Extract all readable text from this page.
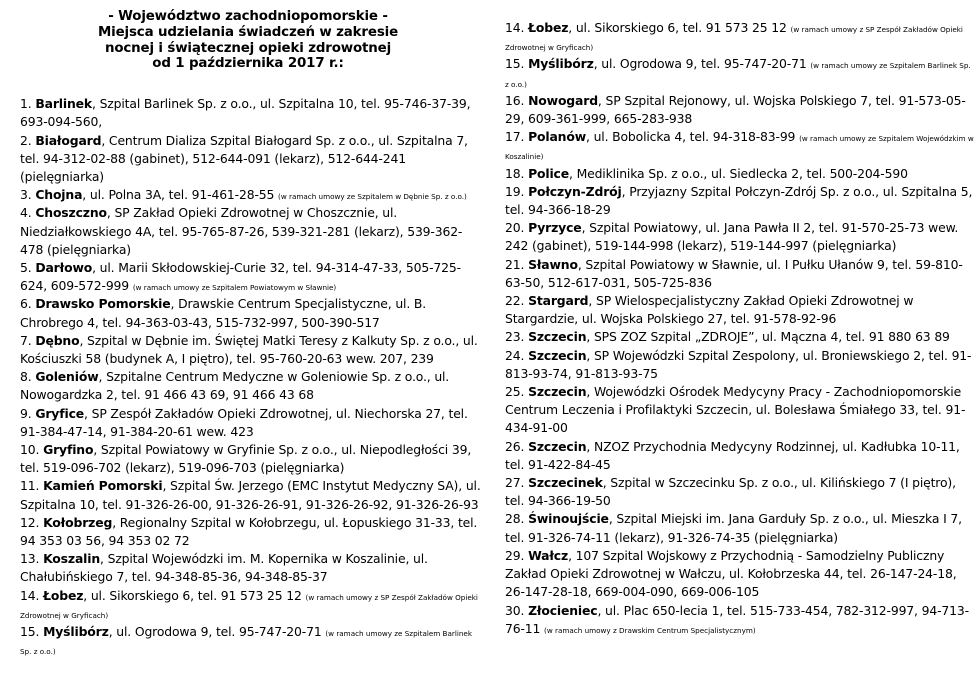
- Województwo zachodniopomorskie -
Miejsca udzielania świadczeń w zakresie
nocnej i świątecznej opieki zdrowotnej
od 1 października 2017 r.:

1. Barlinek, Szpital Barlinek Sp. z o.o., ul. Szpitalna 10, tel. 95-746-37-39, 693-094-560,

2. Białogard, Centrum Dializa Szpital Białogard Sp. z o.o., ul. Szpitalna 7, tel. 94-312-02-88 (gabinet), 512-644-091 (lekarz), 512-644-241 (pielęgniarka)

3. Chojna, ul. Polna 3A, tel. 91-461-28-55 (w ramach umowy ze Szpitalem w Dębnie Sp. z o.o.)

4. Choszczno, SP Zakład Opieki Zdrowotnej w Choszcznie, ul. Niedziałkowskiego 4A, tel. 95-765-87-26, 539-321-281 (lekarz), 539-362-478 (pielęgniarka)

5. Darłowo, ul. Marii Skłodowskiej-Curie 32, tel. 94-314-47-33, 505-725-624, 609-572-999 (w ramach umowy ze Szpitalem Powiatowym w Sławnie)

6. Drawsko Pomorskie, Drawskie Centrum Specjalistyczne, ul. B. Chrobrego 4, tel. 94-363-03-43, 515-732-997, 500-390-517

7. Dębno, Szpital w Dębnie im. Świętej Matki Teresy z Kalkuty Sp. z o.o., ul. Kościuszki 58 (budynek A, I piętro), tel. 95-760-20-63 wew. 207, 239

8. Goleniów, Szpitalne Centrum Medyczne w Goleniowie Sp. z o.o., ul. Nowogardzka 2, tel. 91 466 43 69, 91 466 43 68

9. Gryfice, SP Zespół Zakładów Opieki Zdrowotnej, ul. Niechorska 27, tel. 91-384-47-14, 91-384-20-61 wew. 423

10. Gryfino, Szpital Powiatowy w Gryfinie Sp. z o.o., ul. Niepodległości 39, tel. 519-096-702 (lekarz), 519-096-703 (pielęgniarka)

11. Kamień Pomorski, Szpital Św. Jerzego (EMC Instytut Medyczny SA), ul. Szpitalna 10, tel. 91-326-26-00, 91-326-26-91, 91-326-26-92, 91-326-26-93

12. Kołobrzeg, Regionalny Szpital w Kołobrzegu, ul. Łopuskiego 31-33, tel. 94 353 03 56, 94 353 02 72

13. Koszalin, Szpital Wojewódzki im. M. Kopernika w Koszalinie, ul. Chałubińskiego 7, tel. 94-348-85-36, 94-348-85-37

14. Łobez, ul. Sikorskiego 6, tel. 91 573 25 12 (w ramach umowy z SP Zespół Zakładów Opieki Zdrowotnej w Gryficach)

15. Myślibórz, ul. Ogrodowa 9, tel. 95-747-20-71 (w ramach umowy ze Szpitalem Barlinek Sp. z o.o.)

14. Łobez, ul. Sikorskiego 6, tel. 91 573 25 12 (w ramach umowy z SP Zespół Zakładów Opieki Zdrowotnej w Gryficach)

15. Myślibórz, ul. Ogrodowa 9, tel. 95-747-20-71 (w ramach umowy ze Szpitalem Barlinek Sp. z o.o.)

16. Nowogard, SP Szpital Rejonowy, ul. Wojska Polskiego 7, tel. 91-573-05-29, 609-361-999, 665-283-938

17. Polanów, ul. Bobolicka 4, tel. 94-318-83-99 (w ramach umowy ze Szpitalem Wojewódzkim w Koszalinie)

18. Police, Mediklinika Sp. z o.o., ul. Siedlecka 2, tel. 500-204-590

19. Połczyn-Zdrój, Przyjazny Szpital Połczyn-Zdrój Sp. z o.o., ul. Szpitalna 5, tel. 94-366-18-29

20. Pyrzyce, Szpital Powiatowy, ul. Jana Pawła II 2, tel. 91-570-25-73 wew. 242 (gabinet), 519-144-998 (lekarz), 519-144-997 (pielęgniarka)

21. Sławno, Szpital Powiatowy w Sławnie, ul. I Pułku Ułanów 9, tel. 59-810-63-50, 512-617-031, 505-725-836

22. Stargard, SP Wielospecjalistyczny Zakład Opieki Zdrowotnej w Stargardzie, ul. Wojska Polskiego 27, tel. 91-578-92-96

23. Szczecin, SPS ZOZ Szpital „ZDROJE”, ul. Mączna 4, tel. 91 880 63 89

24. Szczecin, SP Wojewódzki Szpital Zespolony, ul. Broniewskiego 2, tel. 91-813-93-74, 91-813-93-75

25. Szczecin, Wojewódzki Ośrodek Medycyny Pracy - Zachodniopomorskie Centrum Leczenia i Profilaktyki Szczecin, ul. Bolesława Śmiałego 33, tel. 91-434-91-00

26. Szczecin, NZOZ Przychodnia Medycyny Rodzinnej, ul. Kadłubka 10-11, tel. 91-422-84-45

27. Szczecinek, Szpital w Szczecinku Sp. z o.o., ul. Kilińskiego 7 (I piętro), tel. 94-366-19-50

28. Świnoujście, Szpital Miejski im. Jana Garduły Sp. z o.o., ul. Mieszka I 7, tel. 91-326-74-11 (lekarz), 91-326-74-35 (pielęgniarka)

29. Wałcz, 107 Szpital Wojskowy z Przychodnią - Samodzielny Publiczny Zakład Opieki Zdrowotnej w Wałczu, ul. Kołobrzeska 44, tel. 26-147-24-18, 26-147-28-18, 669-004-090, 669-006-105

30. Złocieniec, ul. Plac 650-lecia 1, tel. 515-733-454, 782-312-997, 94-713-76-11 (w ramach umowy z Drawskim Centrum Specjalistycznym)
